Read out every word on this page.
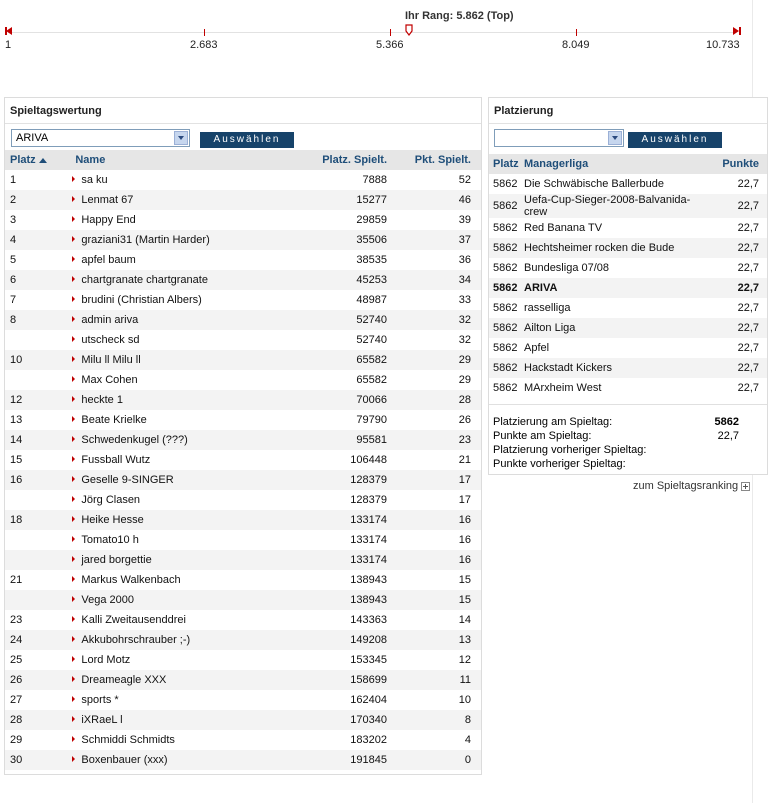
Ihr Rang: 5.862 (Top)
1	2.683	5.366	8.049	10.733
Spieltagswertung
ARIVA	Auswählen
Platz	Name	Platz. Spielt.	Pkt. Spielt.
1	sa ku	7888	52
2	Lenmat 67	15277	46
3	Happy End	29859	39
4	graziani31 (Martin Harder)	35506	37
5	apfel baum	38535	36
6	chartgranate chartgranate	45253	34
7	brudini (Christian Albers)	48987	33
8	admin ariva	52740	32
	utscheck sd	52740	32
10	Milu ll Milu ll	65582	29
	Max Cohen	65582	29
12	heckte 1	70066	28
13	Beate Krielke	79790	26
14	Schwedenkugel (???)	95581	23
15	Fussball Wutz	106448	21
16	Geselle 9-SINGER	128379	17
	Jörg Clasen	128379	17
18	Heike Hesse	133174	16
	Tomato10 h	133174	16
	jared borgettie	133174	16
21	Markus Walkenbach	138943	15
	Vega 2000	138943	15
23	Kalli Zweitausenddrei	143363	14
24	Akkubohrschrauber ;-)	149208	13
25	Lord Motz	153345	12
26	Dreameagle XXX	158699	11
27	sports *	162404	10
28	iXRaeL l	170340	8
29	Schmiddi Schmidts	183202	4
30	Boxenbauer (xxx)	191845	0
Platzierung
Auswählen
Platz	Managerliga	Punkte
5862	Die Schwäbische Ballerbude	22,7
5862	Uefa-Cup-Sieger-2008-Balvanida-crew	22,7
5862	Red Banana TV	22,7
5862	Hechtsheimer rocken die Bude	22,7
5862	Bundesliga 07/08	22,7
5862	ARIVA	22,7
5862	rasselliga	22,7
5862	Ailton Liga	22,7
5862	Apfel	22,7
5862	Hackstadt Kickers	22,7
5862	MArxheim West	22,7
Platzierung am Spieltag:	5862
Punkte am Spieltag:	22,7
Platzierung vorheriger Spieltag:
Punkte vorheriger Spieltag:
zum Spieltagsranking
